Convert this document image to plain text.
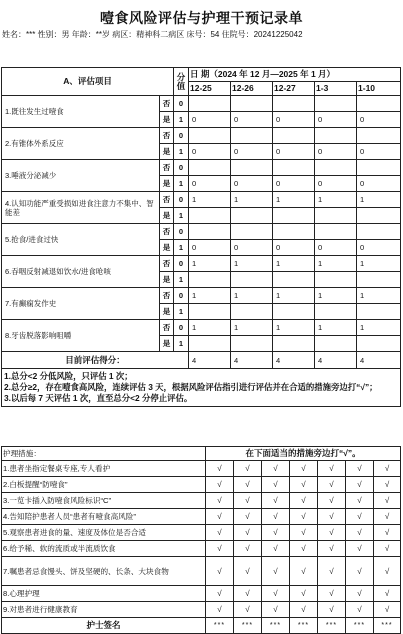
噎食风险评估与护理干预记录单
姓名：*** 性别：男 年龄：**岁 病区：精神科二病区 床号：54 住院号：20241225042
A、评估项目		分值	日 期（2024 年 12 月—2025 年 1 月）				
			12-25	12-26	12-27	1-3	1-10
1.既往发生过噎食	否	0					
	是	1	0	0	0	0	0
2.有锥体外系反应	否	0					
	是	1	0	0	0	0	0
3.唾液分泌减少	否	0					
	是	1	0	0	0	0	0
4.认知功能严重受损如进食注意力不集中、智能差	否	0	1	1	1	1	1
	是	1					
5.抢食/进食过快	否	0					
	是	1	0	0	0	0	0
6.吞咽反射减退如饮水/进食呛咳	否	0	1	1	1	1	1
	是	1					
7.有癫痫发作史	否	0	1	1	1	1	1
	是	1					
8.牙齿脱落影响咀嚼	否	0	1	1	1	1	1
	是	1					
目前评估得分：			4	4	4	4	4

1.总分<2 分低风险，只评估 1 次；
2.总分≥2，存在噎食高风险，连续评估 3 天，根据风险评估指引进行评估并在合适的措施旁边打“√”；
3.以后每 7 天评估 1 次，直至总分<2 分停止评估。							
护理措施：	在下面适当的措施旁边打“√”。						
1.患者坐指定餐桌专座,专人看护	√	√	√	√	√	√	√
2.白板提醒“防噎食”	√	√	√	√	√	√	√
3.一览卡插入防噎食风险标识“C”	√	√	√	√	√	√	√
4.告知陪护患者人员“患者有噎食高风险”	√	√	√	√	√	√	√
5.观察患者进食的量、速度及体位是否合适	√	√	√	√	√	√	√
6.给予稀、软的流质或半流质饮食	√	√	√	√	√	√	√
7.嘱患者忌食馒头、饼及坚硬的、长条、大块食物	√	√	√	√	√	√	√
8.心理护理	√	√	√	√	√	√	√
9.对患者进行健康教育	√	√	√	√	√	√	√
护士签名	***	***	***	***	***	***	***
